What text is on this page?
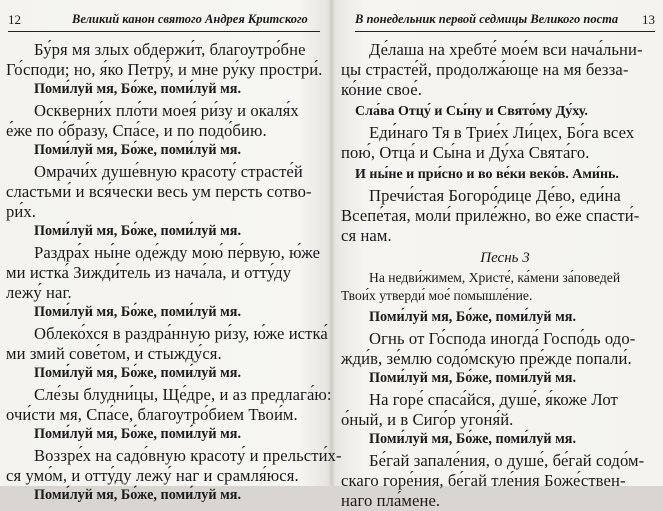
12	Великий канон святого Андрея Критского

Бу́ря мя злых обдержи́т, благоутро́бне
Го́споди; но, я́ко Петру́, и мне ру́ку простри́.

Поми́луй мя, Бо́же, поми́луй мя.

Оскверни́х пло́ти моея́ ри́зу и окаля́х
е́же по о́бразу, Спа́се, и по подо́бию.

Поми́луй мя, Бо́же, поми́луй мя.

Омрачи́х душе́вную красоту́ страсте́й
сластьми́ и вся́чески весь ум персть сотво-
ри́х.

Поми́луй мя, Бо́же, поми́луй мя.

Раздра́х ны́не оде́жду мою́ пе́рвую, ю́же
ми истка́ Зижди́тель из нача́ла, и отту́ду
лежу́ наг.

Поми́луй мя, Бо́же, поми́луй мя.

Облеко́хся в раздра́нную ри́зу, ю́же истка́
ми змий сове́том, и стыжду́ся.

Поми́луй мя, Бо́же, поми́луй мя.

Сле́зы блудни́цы, Ще́дре, и аз предлага́ю:
очи́сти мя, Спа́се, благоутро́бием Твои́м.

Поми́луй мя, Бо́же, поми́луй мя.

Воззре́х на садо́вную красоту́ и прельсти́х-
ся умо́м, и отту́ду лежу́ наг и срамля́юся.

Поми́луй мя, Бо́же, поми́луй мя.

В понедельник первой седмицы Великого поста 13

Де́лаша на хребте́ мое́м вси нача́льни-
цы страсте́й, продолжа́юще на мя безза-
ко́ние свое́.

Сла́ва Отцу́ и Сы́ну и Свято́му Ду́ху.

Еди́наго Тя в Трие́х Ли́цех, Бо́га всех
пою́, Отца́ и Сы́на и Ду́ха Свята́го.

И ны́не и при́сно и во ве́ки веко́в. Ами́нь.

Пречи́стая Богоро́дице Де́во, еди́на
Всепе́тая, моли́ приле́жно, во е́же спасти́-
ся нам.

Песнь 3

На недви́жимем, Христе́, ка́мени за́поведей
Твои́х утверди́ мое́ помышле́ние.

Поми́луй мя, Бо́же, поми́луй мя.

Огнь от Го́спода иногда́ Госпо́дь одо-
жди́в, зе́млю содо́мскую пре́жде попали́.

Поми́луй мя, Бо́же, поми́луй мя.

На горе́ спаса́йся, душе́, я́коже Лот
о́ный, и в Сиго́р угоня́й.

Поми́луй мя, Бо́же, поми́луй мя.

Бе́гай запале́ния, о душе́, бе́гай содо́м-
скаго горе́ния, бе́гай тле́ния Боже́ствен-
наго пла́мене.
